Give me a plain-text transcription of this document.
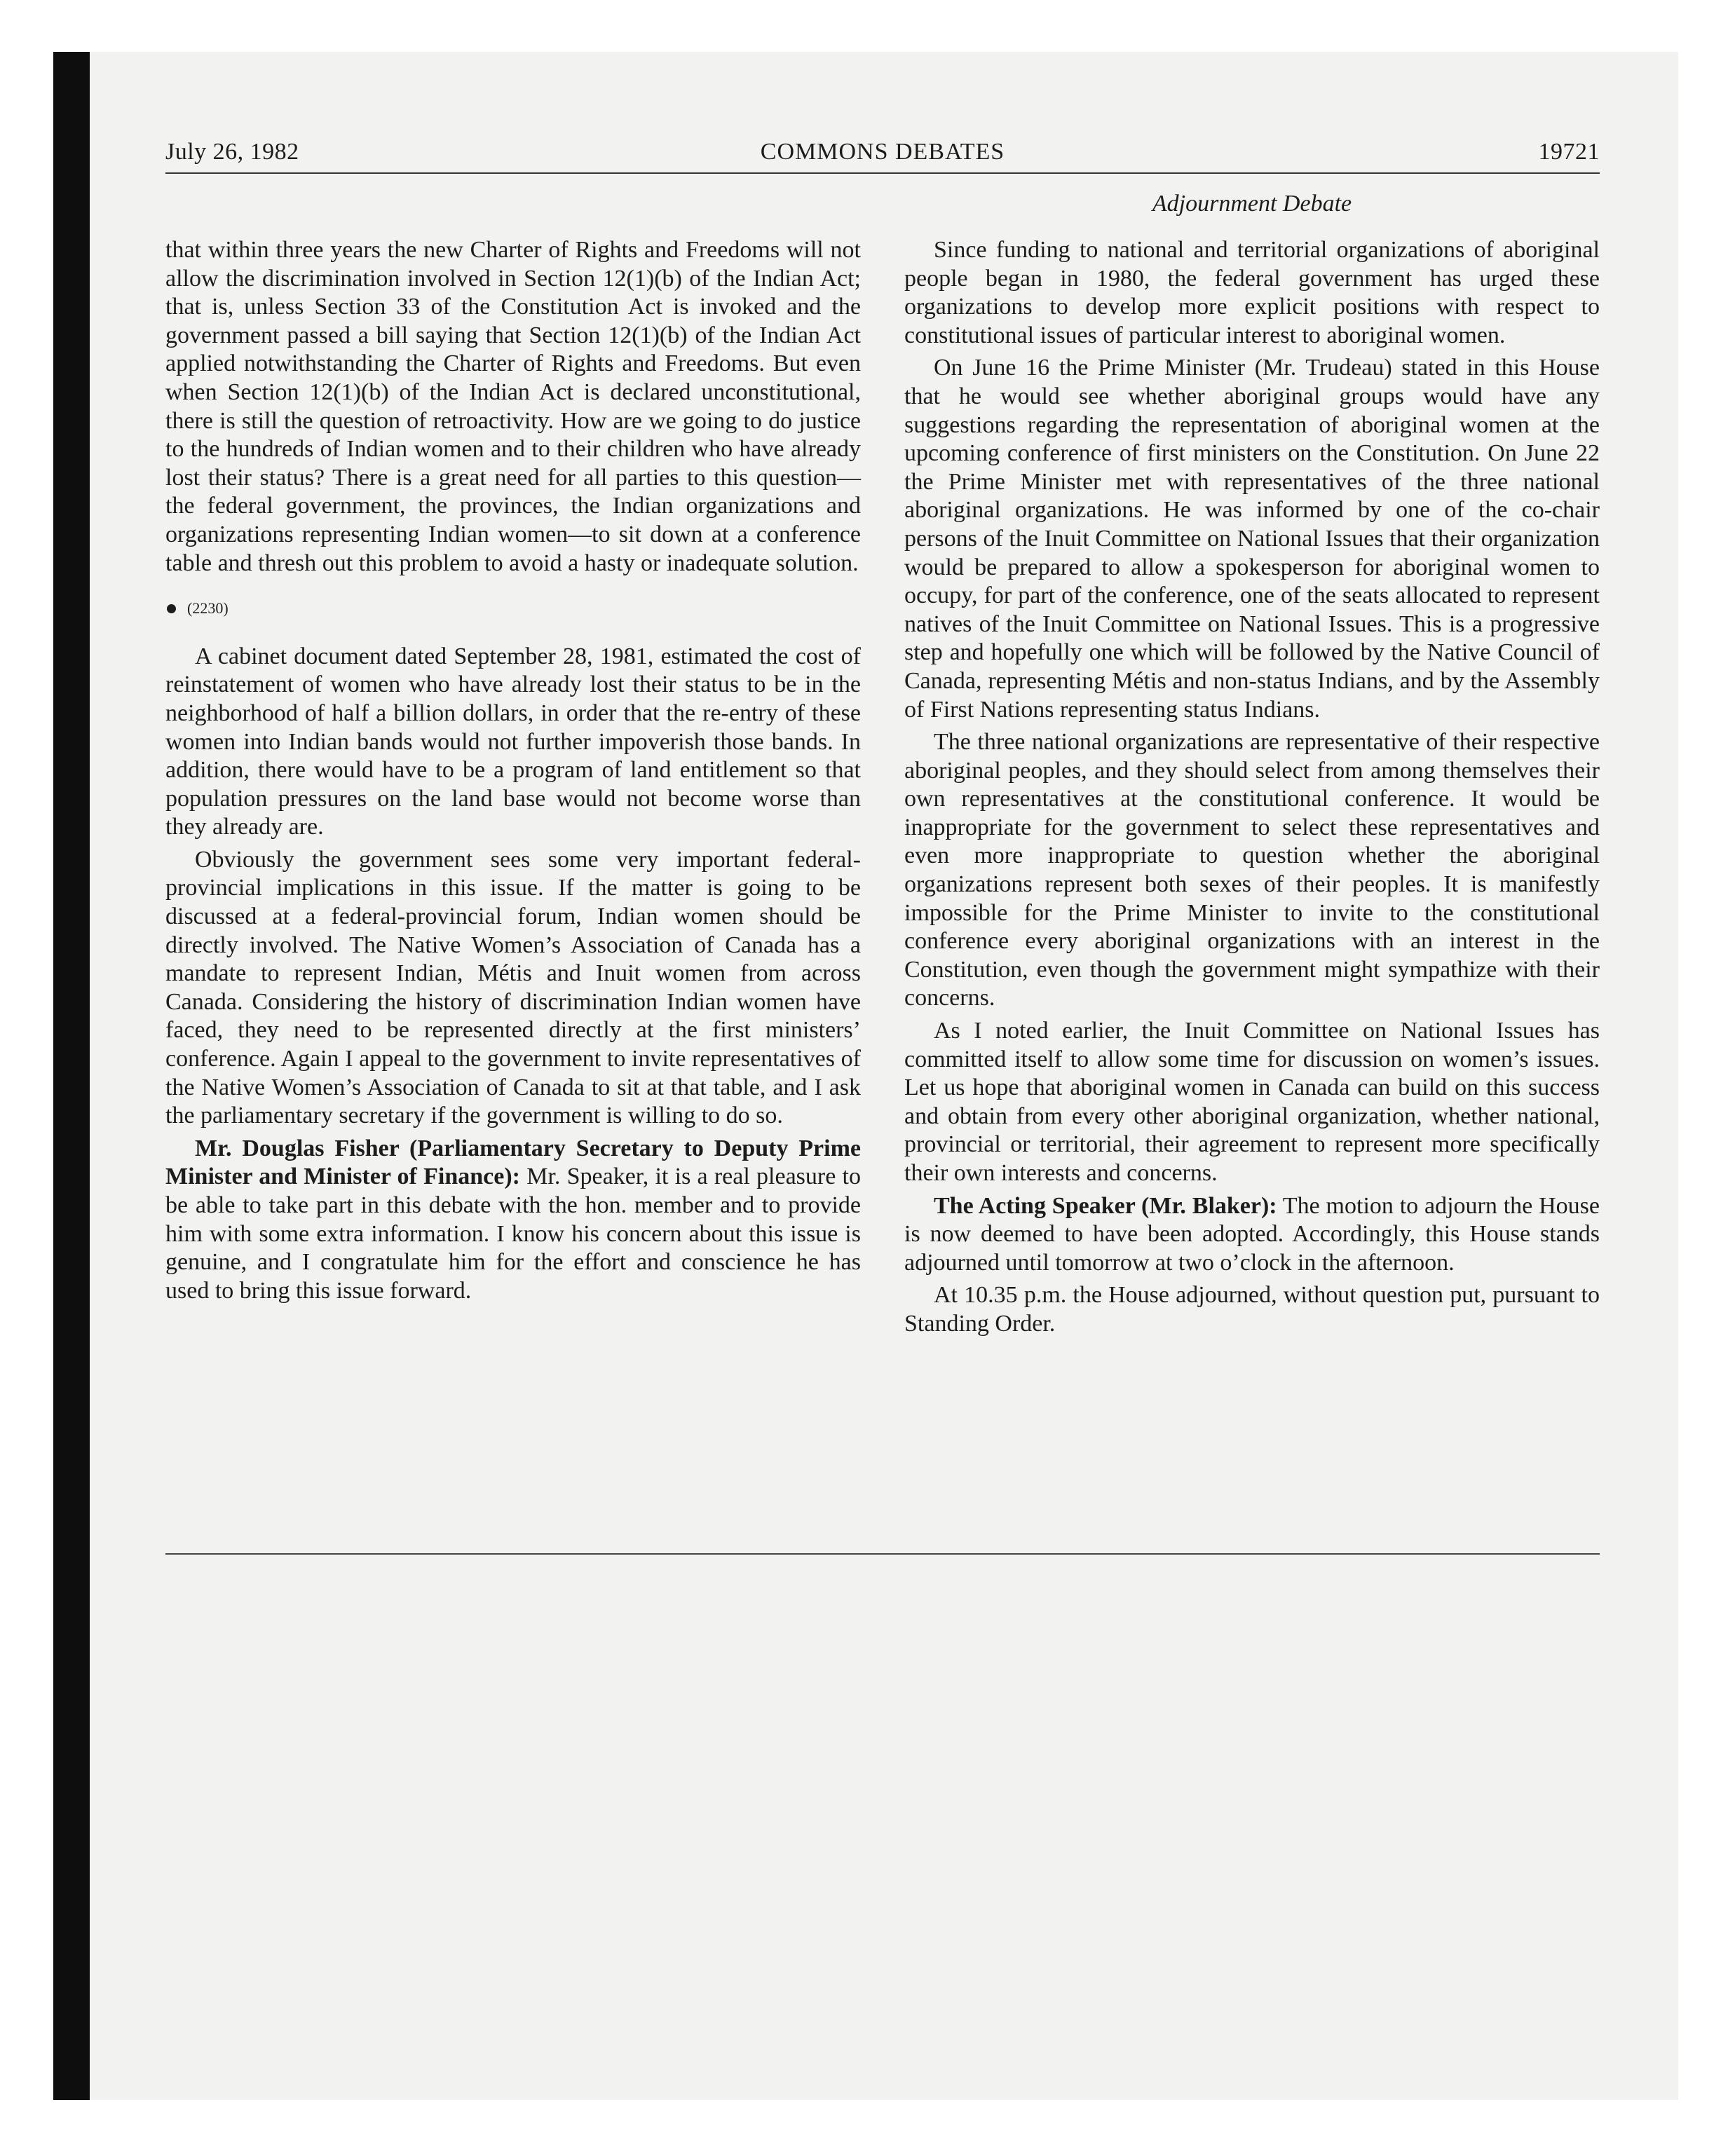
July 26, 1982	COMMONS DEBATES	19721
Adjournment Debate

that within three years the new Charter of Rights and Freedoms will not allow the discrimination involved in Section 12(1)(b) of the Indian Act; that is, unless Section 33 of the Constitution Act is invoked and the government passed a bill saying that Section 12(1)(b) of the Indian Act applied notwithstanding the Charter of Rights and Freedoms. But even when Section 12(1)(b) of the Indian Act is declared unconstitutional, there is still the question of retroactivity. How are we going to do justice to the hundreds of Indian women and to their children who have already lost their status? There is a great need for all parties to this question—the federal government, the provinces, the Indian organizations and organizations representing Indian women—to sit down at a conference table and thresh out this problem to avoid a hasty or inadequate solution.

(2230)

A cabinet document dated September 28, 1981, estimated the cost of reinstatement of women who have already lost their status to be in the neighborhood of half a billion dollars, in order that the re-entry of these women into Indian bands would not further impoverish those bands. In addition, there would have to be a program of land entitlement so that population pressures on the land base would not become worse than they already are.

Obviously the government sees some very important federal-provincial implications in this issue. If the matter is going to be discussed at a federal-provincial forum, Indian women should be directly involved. The Native Women’s Association of Canada has a mandate to represent Indian, Métis and Inuit women from across Canada. Considering the history of discrimination Indian women have faced, they need to be represented directly at the first ministers’ conference. Again I appeal to the government to invite representatives of the Native Women’s Association of Canada to sit at that table, and I ask the parliamentary secretary if the government is willing to do so.

Mr. Douglas Fisher (Parliamentary Secretary to Deputy Prime Minister and Minister of Finance): Mr. Speaker, it is a real pleasure to be able to take part in this debate with the hon. member and to provide him with some extra information. I know his concern about this issue is genuine, and I congratulate him for the effort and conscience he has used to bring this issue forward.

Since funding to national and territorial organizations of aboriginal people began in 1980, the federal government has urged these organizations to develop more explicit positions with respect to constitutional issues of particular interest to aboriginal women.

On June 16 the Prime Minister (Mr. Trudeau) stated in this House that he would see whether aboriginal groups would have any suggestions regarding the representation of aboriginal women at the upcoming conference of first ministers on the Constitution. On June 22 the Prime Minister met with representatives of the three national aboriginal organizations. He was informed by one of the co-chair persons of the Inuit Committee on National Issues that their organization would be prepared to allow a spokesperson for aboriginal women to occupy, for part of the conference, one of the seats allocated to represent natives of the Inuit Committee on National Issues. This is a progressive step and hopefully one which will be followed by the Native Council of Canada, representing Métis and non-status Indians, and by the Assembly of First Nations representing status Indians.

The three national organizations are representative of their respective aboriginal peoples, and they should select from among themselves their own representatives at the constitutional conference. It would be inappropriate for the government to select these representatives and even more inappropriate to question whether the aboriginal organizations represent both sexes of their peoples. It is manifestly impossible for the Prime Minister to invite to the constitutional conference every aboriginal organizations with an interest in the Constitution, even though the government might sympathize with their concerns.

As I noted earlier, the Inuit Committee on National Issues has committed itself to allow some time for discussion on women’s issues. Let us hope that aboriginal women in Canada can build on this success and obtain from every other aboriginal organization, whether national, provincial or territorial, their agreement to represent more specifically their own interests and concerns.

The Acting Speaker (Mr. Blaker): The motion to adjourn the House is now deemed to have been adopted. Accordingly, this House stands adjourned until tomorrow at two o’clock in the afternoon.

At 10.35 p.m. the House adjourned, without question put, pursuant to Standing Order.
